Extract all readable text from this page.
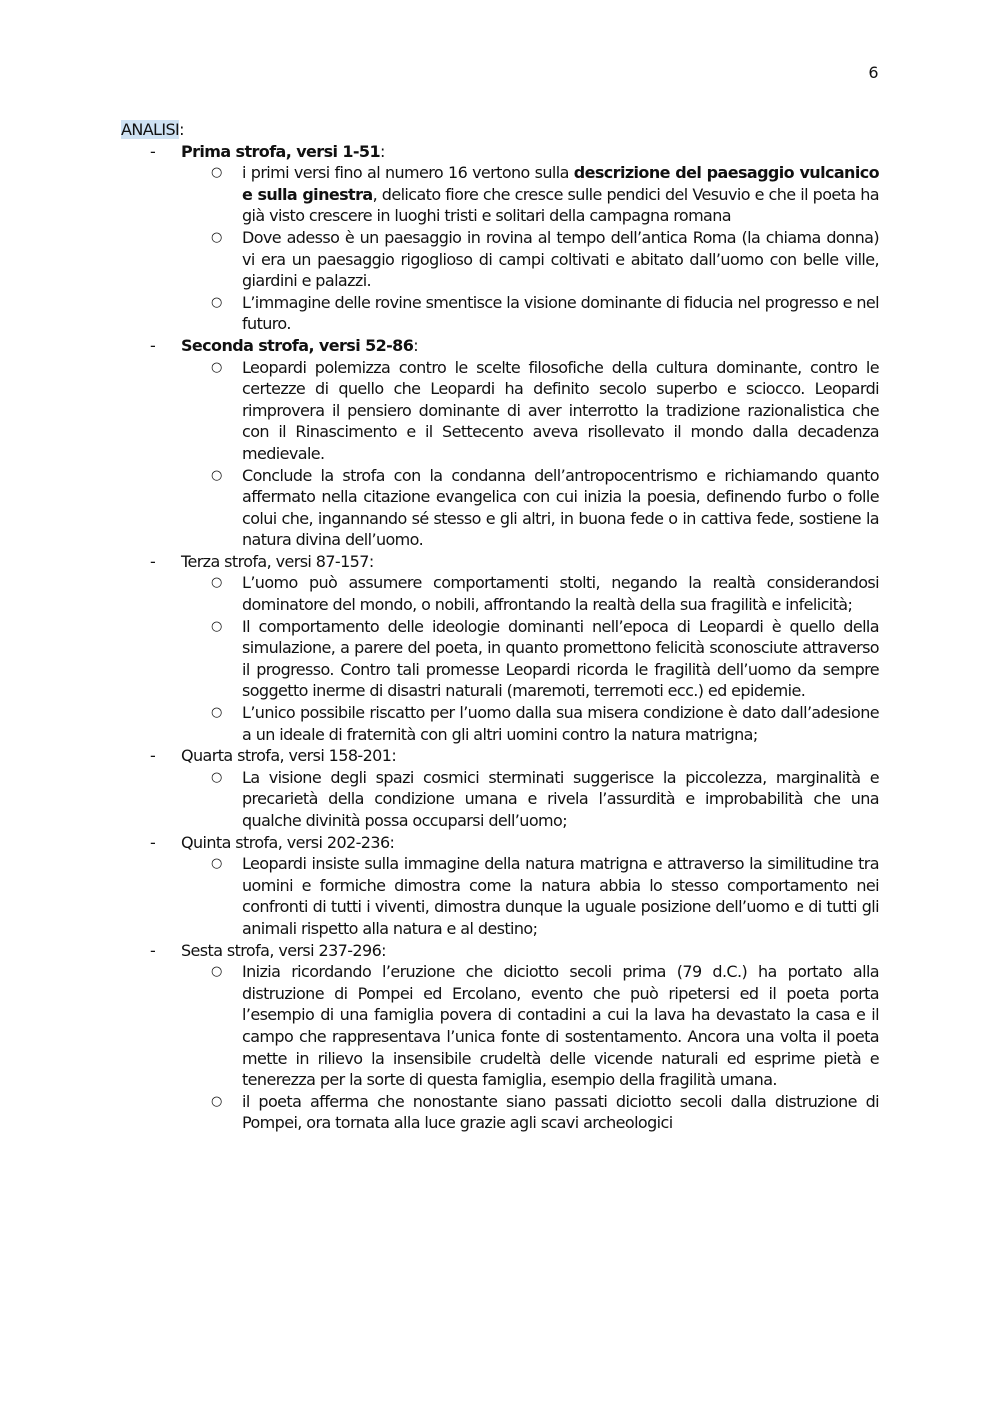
6

ANALISI:

- Prima strofa, versi 1-51:
○ i primi versi fino al numero 16 vertono sulla descrizione del paesaggio vulcanico e sulla ginestra, delicato fiore che cresce sulle pendici del Vesuvio e che il poeta ha già visto crescere in luoghi tristi e solitari della campagna romana
○ Dove adesso è un paesaggio in rovina al tempo dell’antica Roma (la chiama donna) vi era un paesaggio rigoglioso di campi coltivati e abitato dall’uomo con belle ville, giardini e palazzi.
○ L’immagine delle rovine smentisce la visione dominante di fiducia nel progresso e nel futuro.
- Seconda strofa, versi 52-86:
○ Leopardi polemizza contro le scelte filosofiche della cultura dominante, contro le certezze di quello che Leopardi ha definito secolo superbo e sciocco. Leopardi rimprovera il pensiero dominante di aver interrotto la tradizione razionalistica che con il Rinascimento e il Settecento aveva risollevato il mondo dalla decadenza medievale.
○ Conclude la strofa con la condanna dell’antropocentrismo e richiamando quanto affermato nella citazione evangelica con cui inizia la poesia, definendo furbo o folle colui che, ingannando sé stesso e gli altri, in buona fede o in cattiva fede, sostiene la natura divina dell’uomo.
- Terza strofa, versi 87-157:
○ L’uomo può assumere comportamenti stolti, negando la realtà considerandosi dominatore del mondo, o nobili, affrontando la realtà della sua fragilità e infelicità;
○ Il comportamento delle ideologie dominanti nell’epoca di Leopardi è quello della simulazione, a parere del poeta, in quanto promettono felicità sconosciute attraverso il progresso. Contro tali promesse Leopardi ricorda le fragilità dell’uomo da sempre soggetto inerme di disastri naturali (maremoti, terremoti ecc.) ed epidemie.
○ L’unico possibile riscatto per l’uomo dalla sua misera condizione è dato dall’adesione a un ideale di fraternità con gli altri uomini contro la natura matrigna;
- Quarta strofa, versi 158-201:
○ La visione degli spazi cosmici sterminati suggerisce la piccolezza, marginalità e precarietà della condizione umana e rivela l’assurdità e improbabilità che una qualche divinità possa occuparsi dell’uomo;
- Quinta strofa, versi 202-236:
○ Leopardi insiste sulla immagine della natura matrigna e attraverso la similitudine tra uomini e formiche dimostra come la natura abbia lo stesso comportamento nei confronti di tutti i viventi, dimostra dunque la uguale posizione dell’uomo e di tutti gli animali rispetto alla natura e al destino;
- Sesta strofa, versi 237-296:
○ Inizia ricordando l’eruzione che diciotto secoli prima (79 d.C.) ha portato alla distruzione di Pompei ed Ercolano, evento che può ripetersi ed il poeta porta l’esempio di una famiglia povera di contadini a cui la lava ha devastato la casa e il campo che rappresentava l’unica fonte di sostentamento. Ancora una volta il poeta mette in rilievo la insensibile crudeltà delle vicende naturali ed esprime pietà e tenerezza per la sorte di questa famiglia, esempio della fragilità umana.
○ il poeta afferma che nonostante siano passati diciotto secoli dalla distruzione di Pompei, ora tornata alla luce grazie agli scavi archeologici
